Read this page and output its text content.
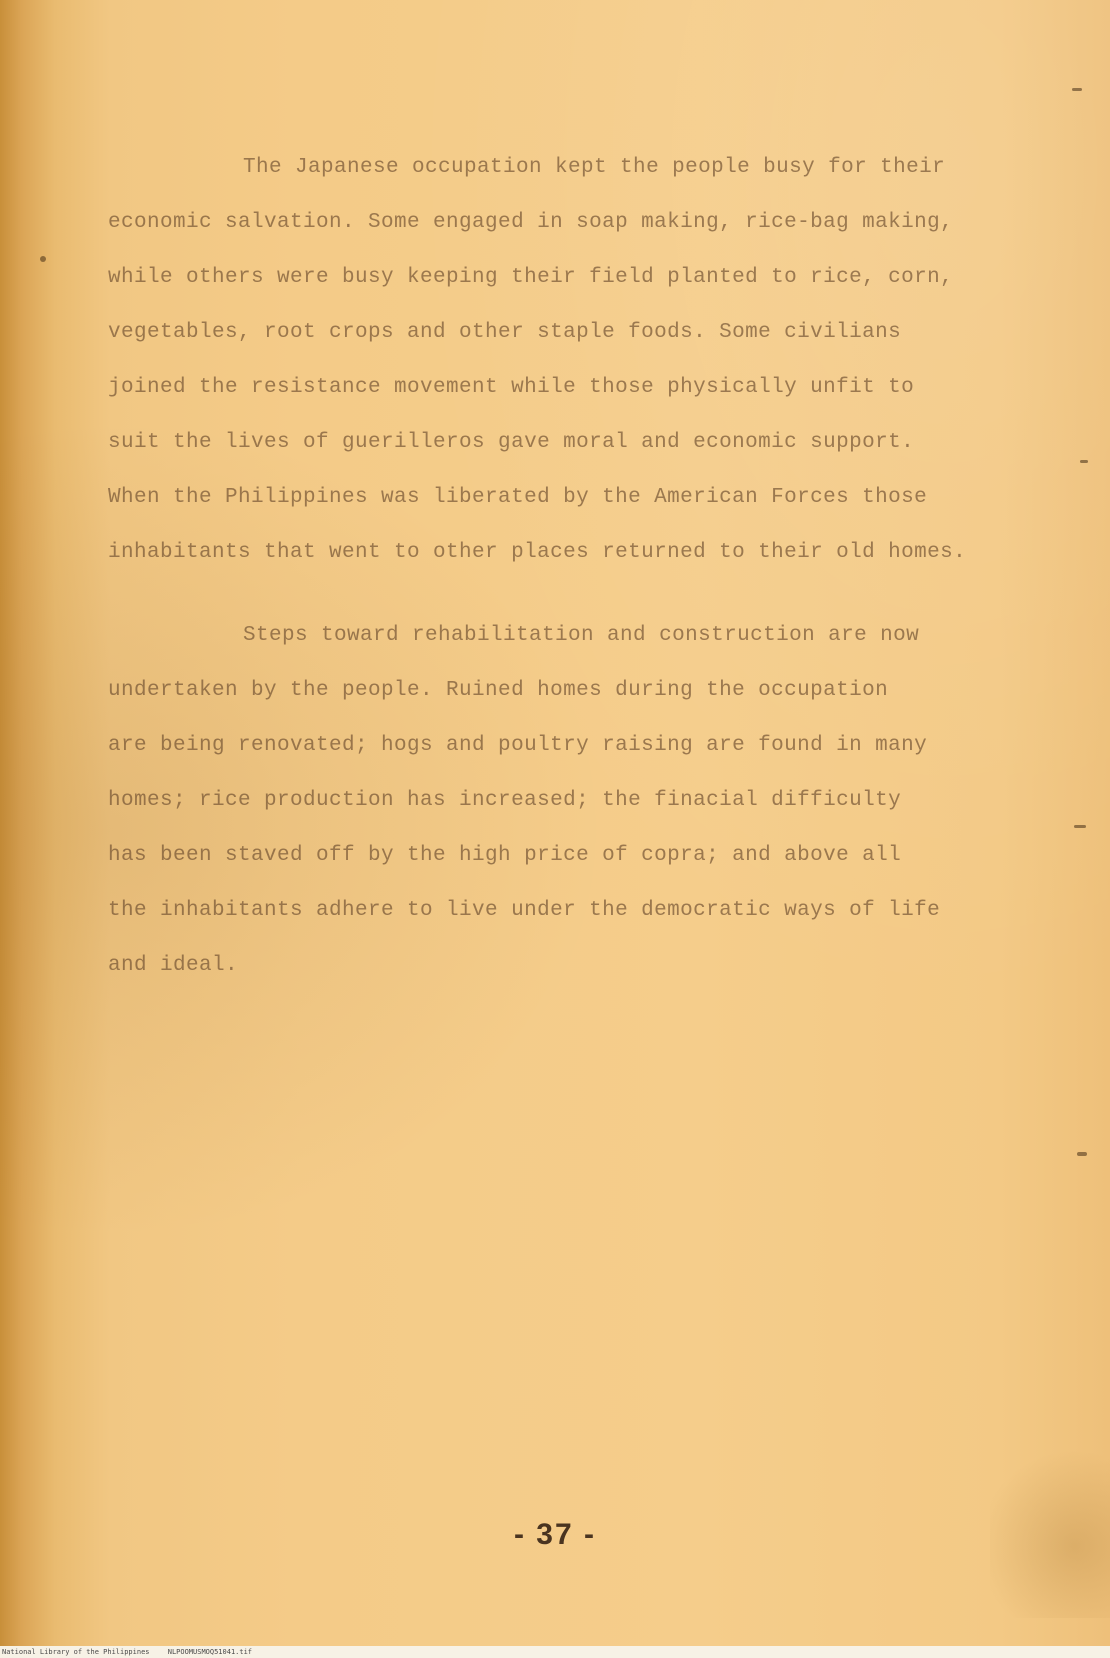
The Japanese occupation kept the people busy for their
economic salvation. Some engaged in soap making, rice-bag making,
while others were busy keeping their field planted to rice, corn,
vegetables, root crops and other staple foods. Some civilians
joined the resistance movement while those physically unfit to
suit the lives of guerilleros gave moral and economic support.
When the Philippines was liberated by the American Forces those
inhabitants that went to other places returned to their old homes.
Steps toward rehabilitation and construction are now
undertaken by the people. Ruined homes during the occupation
are being renovated; hogs and poultry raising are found in many
homes; rice production has increased; the finacial difficulty
has been staved off by the high price of copra; and above all
the inhabitants adhere to live under the democratic ways of life
and ideal.
- 37 -
National Library of the Philippines	NLPOOMUSMOQ51041.tif
